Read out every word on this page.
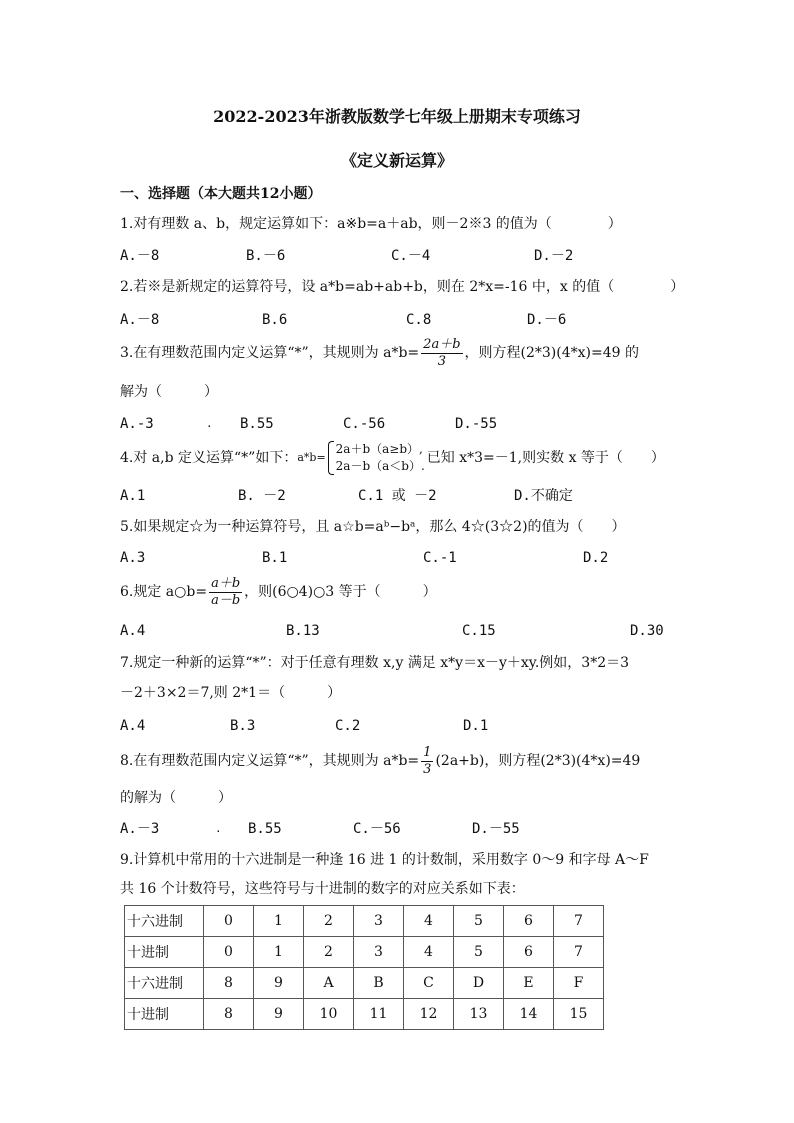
2022-2023年浙教版数学七年级上册期末专项练习
《定义新运算》
一、选择题（本大题共12小题）
1.对有理数 a、b，规定运算如下：a※b=a＋ab，则－2※3 的值为（　　　　）
A.－8	B.－6	C.－4	D.－2
2.若※是新规定的运算符号，设 a*b=ab+ab+b，则在 2*x=-16 中，x 的值（　　　　）
A.－8	B.6	C.8	D.－6
3.在有理数范围内定义运算“*”，其规则为 $a*b= \frac{2a+b}{3}$ ，则方程(2*3)(4*x)=49 的
解为（　　　）
A.-3	. B.55	C.-56	D.-55
4.对 a,b 定义运算“*”如下：a*b=
2a＋b（a≥b）,
2a－b（a＜b）. 已知 x*3=－1,则实数 x 等于（　　）
A.1	B. －2	C.1 或 －2	D.不确定
5.如果规定☆为一种运算符号，且 a☆b=aᵇ−bᵃ，那么 4☆(3☆2)的值为（　　）
A.3	B.1	C.-1	D.2
6.规定 a○b= $\frac{a+b}{a-b}$ ，则(6○4)○3 等于（　　　）
A.4	B.13	C.15	D.30
7.规定一种新的运算“*”：对于任意有理数 x,y 满足 x*y＝x－y＋xy.例如，3*2＝3
－2＋3×2＝7,则 2*1＝（　　　）
A.4	B.3	C.2	D.1
8.在有理数范围内定义运算“*”，其规则为 $a*b= \frac{1}{3} (2a+b)$，则方程(2*3)(4*x)=49
的解为（　　　）
A.－3	. B.55	C.－56	D.－55
9.计算机中常用的十六进制是一种逢 16 进 1 的计数制，采用数字 0～9 和字母 A～F
共 16 个计数符号，这些符号与十进制的数字的对应关系如下表：
十六进制	0	1	2	3	4	5	6	7
十进制	0	1	2	3	4	5	6	7
十六进制	8	9	A	B	C	D	E	F
十进制	8	9	10	11	12	13	14	15
